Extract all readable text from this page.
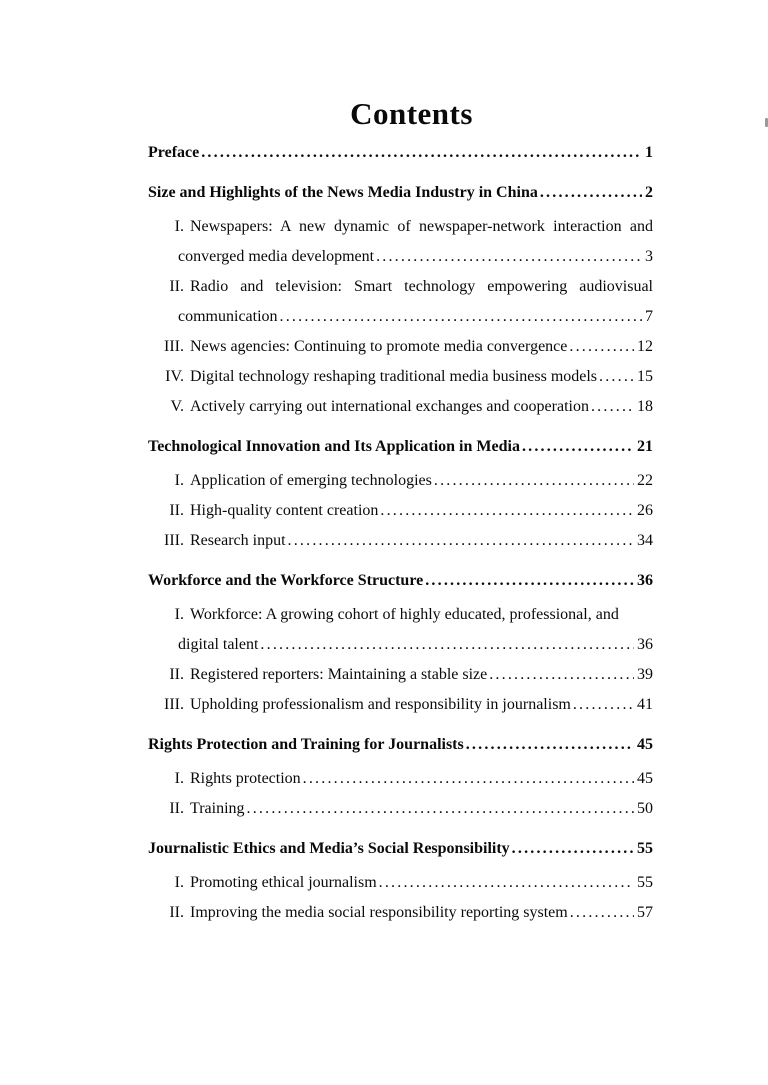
Contents
Preface .....	1
Size and Highlights of the News Media Industry in China .....	2
I. Newspapers: A new dynamic of newspaper-network interaction and
converged media development .....	3
II. Radio and television: Smart technology empowering audiovisual
communication .....	7
III. News agencies: Continuing to promote media convergence .....	12
IV. Digital technology reshaping traditional media business models ..... 15
V. Actively carrying out international exchanges and cooperation .....	18
Technological Innovation and Its Application in Media .....	21
I. Application of emerging technologies .....	22
II. High-quality content creation .....	26
III. Research input .....	34
Workforce and the Workforce Structure .....	36
I. Workforce: A growing cohort of highly educated, professional, and
digital talent .....	36
II. Registered reporters: Maintaining a stable size .....	39
III. Upholding professionalism and responsibility in journalism .....	41
Rights Protection and Training for Journalists .....	45
I. Rights protection .....	45
II. Training .....	50
Journalistic Ethics and Media’s Social Responsibility .....	55
I. Promoting ethical journalism .....	55
II. Improving the media social responsibility reporting system .....	57
